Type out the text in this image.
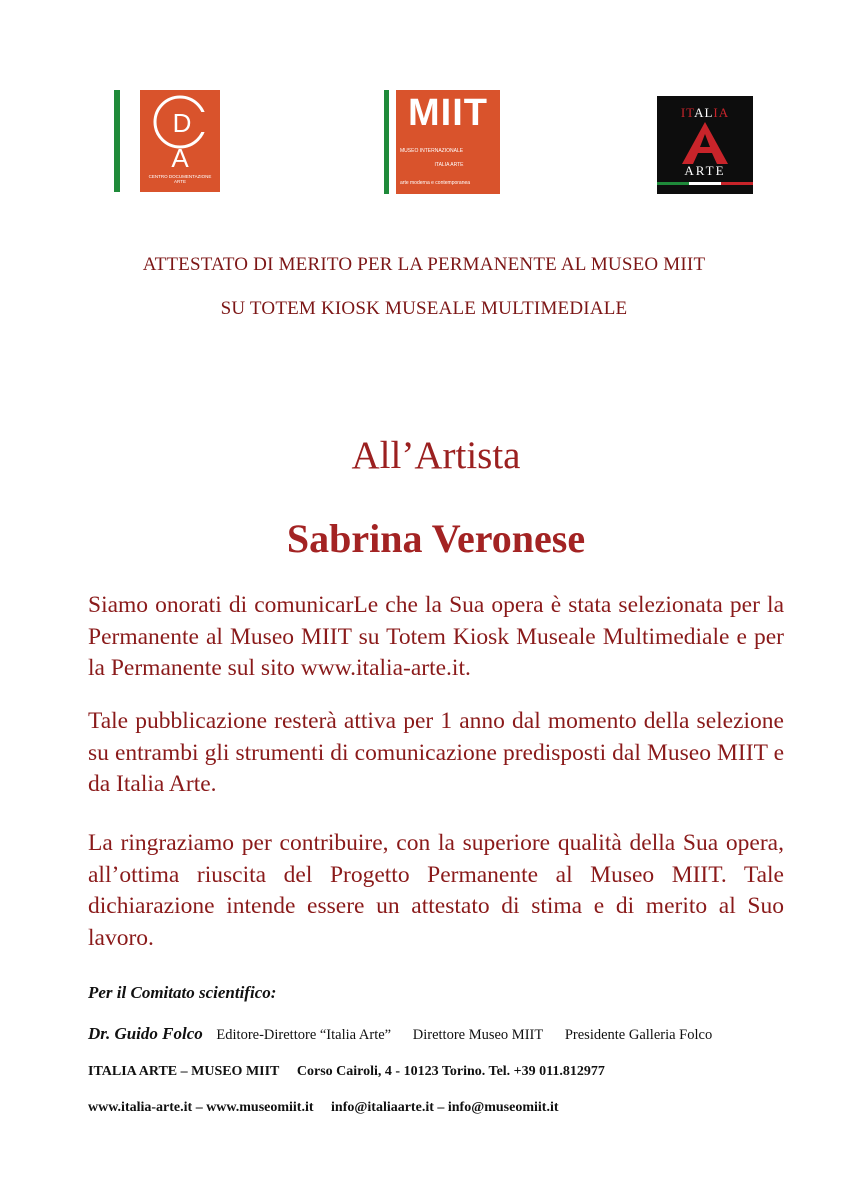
D
A
CENTRO DOCUMENTAZIONE
ARTE
MIIT
MUSEO INTERNAZIONALE
ITALIA ARTE
arte moderna e contemporanea
ITALIA
ARTE
ATTESTATO DI MERITO PER LA PERMANENTE AL MUSEO MIIT
SU TOTEM KIOSK MUSEALE MULTIMEDIALE
All’Artista
Sabrina Veronese
Siamo onorati di comunicarLe che la Sua opera è stata selezionata per la Permanente al Museo MIIT su Totem Kiosk Museale Multimediale e per la Permanente sul sito www.italia-arte.it.
Tale pubblicazione resterà attiva per 1 anno dal momento della selezione su entrambi gli strumenti di comunicazione predisposti dal Museo MIIT e da Italia Arte.
La ringraziamo per contribuire, con la superiore qualità della Sua opera, all’ottima riuscita del Progetto Permanente al Museo MIIT. Tale dichiarazione intende essere un attestato di stima e di merito al Suo lavoro.
Per il Comitato scientifico:
Dr. Guido Folco Editore-Direttore “Italia Arte” Direttore Museo MIIT Presidente Galleria Folco
ITALIA ARTE – MUSEO MIIT Corso Cairoli, 4 - 10123 Torino. Tel. +39 011.812977
www.italia-arte.it – www.museomiit.it info@italiaarte.it – info@museomiit.it
